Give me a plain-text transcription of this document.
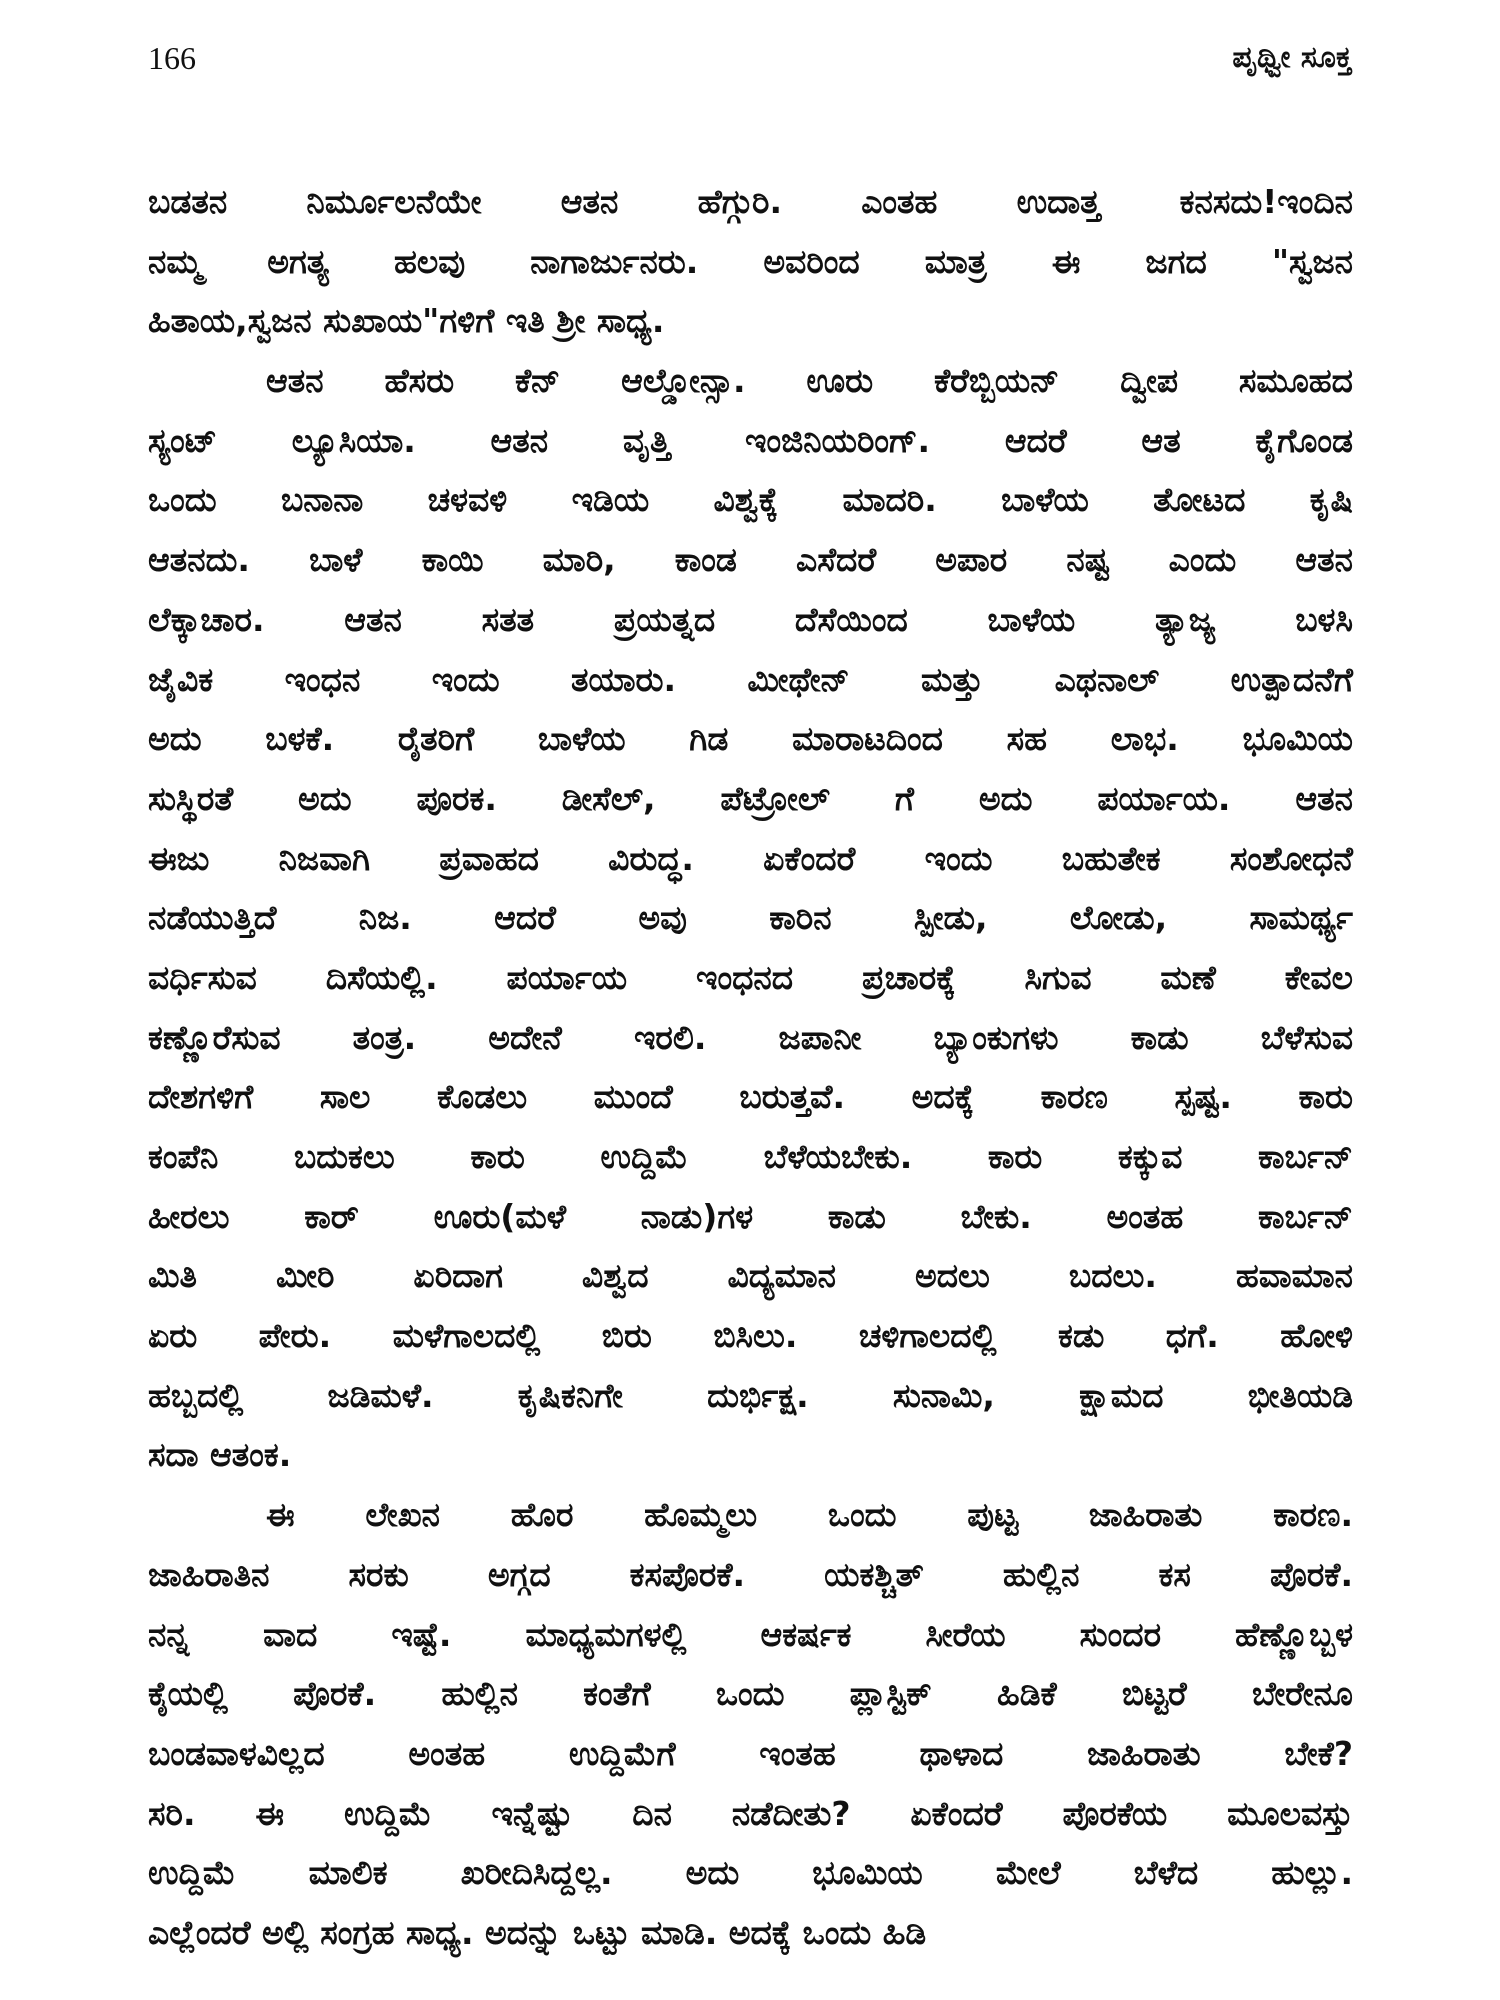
166	ಪೃಥ್ವೀ ಸೂಕ್ತ
ಬಡತನ ನಿರ್ಮೂಲನೆಯೇ ಆತನ ಹೆಗ್ಗುರಿ. ಎಂತಹ ಉದಾತ್ತ ಕನಸದು!ಇಂದಿನ
ನಮ್ಮ ಅಗತ್ಯ ಹಲವು ನಾಗಾರ್ಜುನರು. ಅವರಿಂದ ಮಾತ್ರ ಈ ಜಗದ "ಸ್ವಜನ
ಹಿತಾಯ,ಸ್ವಜನ ಸುಖಾಯ"ಗಳಿಗೆ ಇತಿ ಶ್ರೀ ಸಾಧ್ಯ.
ಆತನ ಹೆಸರು ಕೆನ್ ಆಲ್ಡೋನ್ಸಾ. ಊರು ಕೆರೆಬ್ಬಿಯನ್ ದ್ವೀಪ ಸಮೂಹದ
ಸ್ಯಂಟ್ ಲ್ಯೂಸಿಯಾ. ಆತನ ವೃತ್ತಿ ಇಂಜಿನಿಯರಿಂಗ್. ಆದರೆ ಆತ ಕೈಗೊಂಡ
ಒಂದು ಬನಾನಾ ಚಳವಳಿ ಇಡಿಯ ವಿಶ್ವಕ್ಕೆ ಮಾದರಿ. ಬಾಳೆಯ ತೋಟದ ಕೃಷಿ
ಆತನದು. ಬಾಳೆ ಕಾಯಿ ಮಾರಿ, ಕಾಂಡ ಎಸೆದರೆ ಅಪಾರ ನಷ್ಟ ಎಂದು ಆತನ
ಲೆಕ್ಕಾಚಾರ. ಆತನ ಸತತ ಪ್ರಯತ್ನದ ದೆಸೆಯಿಂದ ಬಾಳೆಯ ತ್ಯಾಜ್ಯ ಬಳಸಿ
ಜೈವಿಕ ಇಂಧನ ಇಂದು ತಯಾರು. ಮೀಥೇನ್ ಮತ್ತು ಎಥನಾಲ್ ಉತ್ಪಾದನೆಗೆ
ಅದು ಬಳಕೆ. ರೈತರಿಗೆ ಬಾಳೆಯ ಗಿಡ ಮಾರಾಟದಿಂದ ಸಹ ಲಾಭ. ಭೂಮಿಯ
ಸುಸ್ಥಿರತೆ ಅದು ಪೂರಕ. ಡೀಸೆಲ್, ಪೆಟ್ರೋಲ್ ಗೆ ಅದು ಪರ್ಯಾಯ. ಆತನ
ಈಜು ನಿಜವಾಗಿ ಪ್ರವಾಹದ ವಿರುದ್ಧ. ಏಕೆಂದರೆ ಇಂದು ಬಹುತೇಕ ಸಂಶೋಧನೆ
ನಡೆಯುತ್ತಿದೆ ನಿಜ. ಆದರೆ ಅವು ಕಾರಿನ ಸ್ಪೀಡು, ಲೋಡು, ಸಾಮರ್ಥ್ಯ
ವರ್ಧಿಸುವ ದಿಸೆಯಲ್ಲಿ. ಪರ್ಯಾಯ ಇಂಧನದ ಪ್ರಚಾರಕ್ಕೆ ಸಿಗುವ ಮಣೆ ಕೇವಲ
ಕಣ್ಣೊರೆಸುವ ತಂತ್ರ. ಅದೇನೆ ಇರಲಿ. ಜಪಾನೀ ಬ್ಯಾಂಕುಗಳು ಕಾಡು ಬೆಳೆಸುವ
ದೇಶಗಳಿಗೆ ಸಾಲ ಕೊಡಲು ಮುಂದೆ ಬರುತ್ತವೆ. ಅದಕ್ಕೆ ಕಾರಣ ಸ್ಪಷ್ಟ. ಕಾರು
ಕಂಪೆನಿ ಬದುಕಲು ಕಾರು ಉದ್ದಿಮೆ ಬೆಳೆಯಬೇಕು. ಕಾರು ಕಕ್ಕುವ ಕಾರ್ಬನ್
ಹೀರಲು ಕಾರ್ ಊರು(ಮಳೆ ನಾಡು)ಗಳ ಕಾಡು ಬೇಕು. ಅಂತಹ ಕಾರ್ಬನ್
ಮಿತಿ ಮೀರಿ ಏರಿದಾಗ ವಿಶ್ವದ ವಿದ್ಯಮಾನ ಅದಲು ಬದಲು. ಹವಾಮಾನ
ಏರು ಪೇರು. ಮಳೆಗಾಲದಲ್ಲಿ ಬಿರು ಬಿಸಿಲು. ಚಳಿಗಾಲದಲ್ಲಿ ಕಡು ಧಗೆ. ಹೋಳಿ
ಹಬ್ಬದಲ್ಲಿ ಜಡಿಮಳೆ. ಕೃಷಿಕನಿಗೇ ದುರ್ಭಿಕ್ಷ. ಸುನಾಮಿ, ಕ್ಷಾಮದ ಭೀತಿಯಡಿ
ಸದಾ ಆತಂಕ.
ಈ ಲೇಖನ ಹೊರ ಹೊಮ್ಮಲು ಒಂದು ಪುಟ್ಟ ಜಾಹಿರಾತು ಕಾರಣ.
ಜಾಹಿರಾತಿನ ಸರಕು ಅಗ್ಗದ ಕಸಪೊರಕೆ. ಯಕಶ್ಚಿತ್ ಹುಲ್ಲಿನ ಕಸ ಪೊರಕೆ.
ನನ್ನ ವಾದ ಇಷ್ಟೆ. ಮಾಧ್ಯಮಗಳಲ್ಲಿ ಆಕರ್ಷಕ ಸೀರೆಯ ಸುಂದರ ಹೆಣ್ಣೊಬ್ಬಳ
ಕೈಯಲ್ಲಿ ಪೊರಕೆ. ಹುಲ್ಲಿನ ಕಂತೆಗೆ ಒಂದು ಪ್ಲಾಸ್ಟಿಕ್ ಹಿಡಿಕೆ ಬಿಟ್ಟರೆ ಬೇರೇನೂ
ಬಂಡವಾಳವಿಲ್ಲದ ಅಂತಹ ಉದ್ದಿಮೆಗೆ ಇಂತಹ ಥಾಳಾದ ಜಾಹಿರಾತು ಬೇಕೆ?
ಸರಿ. ಈ ಉದ್ದಿಮೆ ಇನ್ನೆಷ್ಟು ದಿನ ನಡೆದೀತು? ಏಕೆಂದರೆ ಪೊರಕೆಯ ಮೂಲವಸ್ತು
ಉದ್ದಿಮೆ ಮಾಲಿಕ ಖರೀದಿಸಿದ್ದಲ್ಲ. ಅದು ಭೂಮಿಯ ಮೇಲೆ ಬೆಳೆದ ಹುಲ್ಲು.
ಎಲ್ಲೆಂದರೆ ಅಲ್ಲಿ ಸಂಗ್ರಹ ಸಾಧ್ಯ. ಅದನ್ನು ಒಟ್ಟು ಮಾಡಿ. ಅದಕ್ಕೆ ಒಂದು ಹಿಡಿ
